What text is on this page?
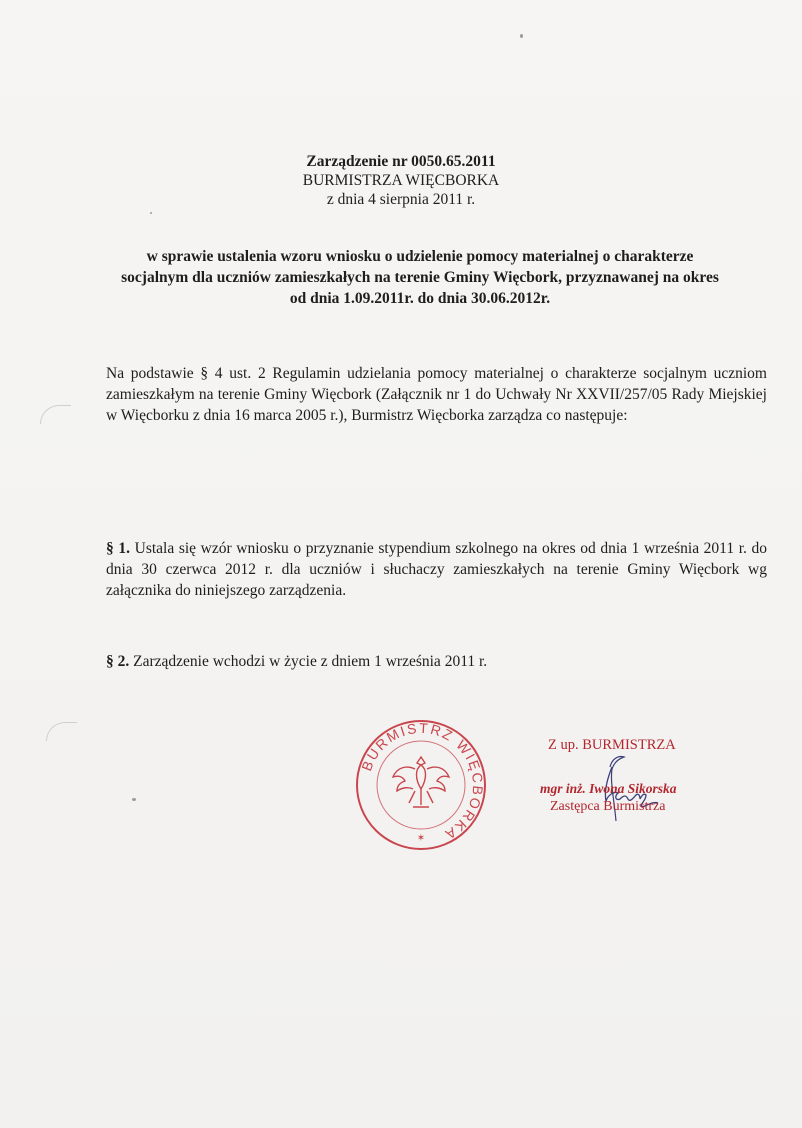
Zarządzenie nr 0050.65.2011
BURMISTRZA WIĘCBORKA
z dnia 4 sierpnia 2011 r.
w sprawie ustalenia wzoru wniosku o udzielenie pomocy materialnej o charakterze
socjalnym dla uczniów zamieszkałych na terenie Gminy Więcbork, przyznawanej na okres
od dnia 1.09.2011r. do dnia 30.06.2012r.
Na podstawie § 4 ust. 2 Regulamin udzielania pomocy materialnej o charakterze socjalnym uczniom zamieszkałym na terenie Gminy Więcbork (Załącznik nr 1 do Uchwały Nr XXVII/257/05 Rady Miejskiej w Więcborku z dnia 16 marca 2005 r.), Burmistrz Więcborka zarządza co następuje:
§ 1. Ustala się wzór wniosku o przyznanie stypendium szkolnego na okres od dnia 1 września 2011 r. do dnia 30 czerwca 2012 r. dla uczniów i słuchaczy zamieszkałych na terenie Gminy Więcbork wg załącznika do niniejszego zarządzenia.
§ 2. Zarządzenie wchodzi w życie z dniem 1 września 2011 r.
BURMISTRZ WIĘCBORKA
✶
Z up. BURMISTRZA
mgr inż. Iwona Sikorska
Zastępca Burmistrza
